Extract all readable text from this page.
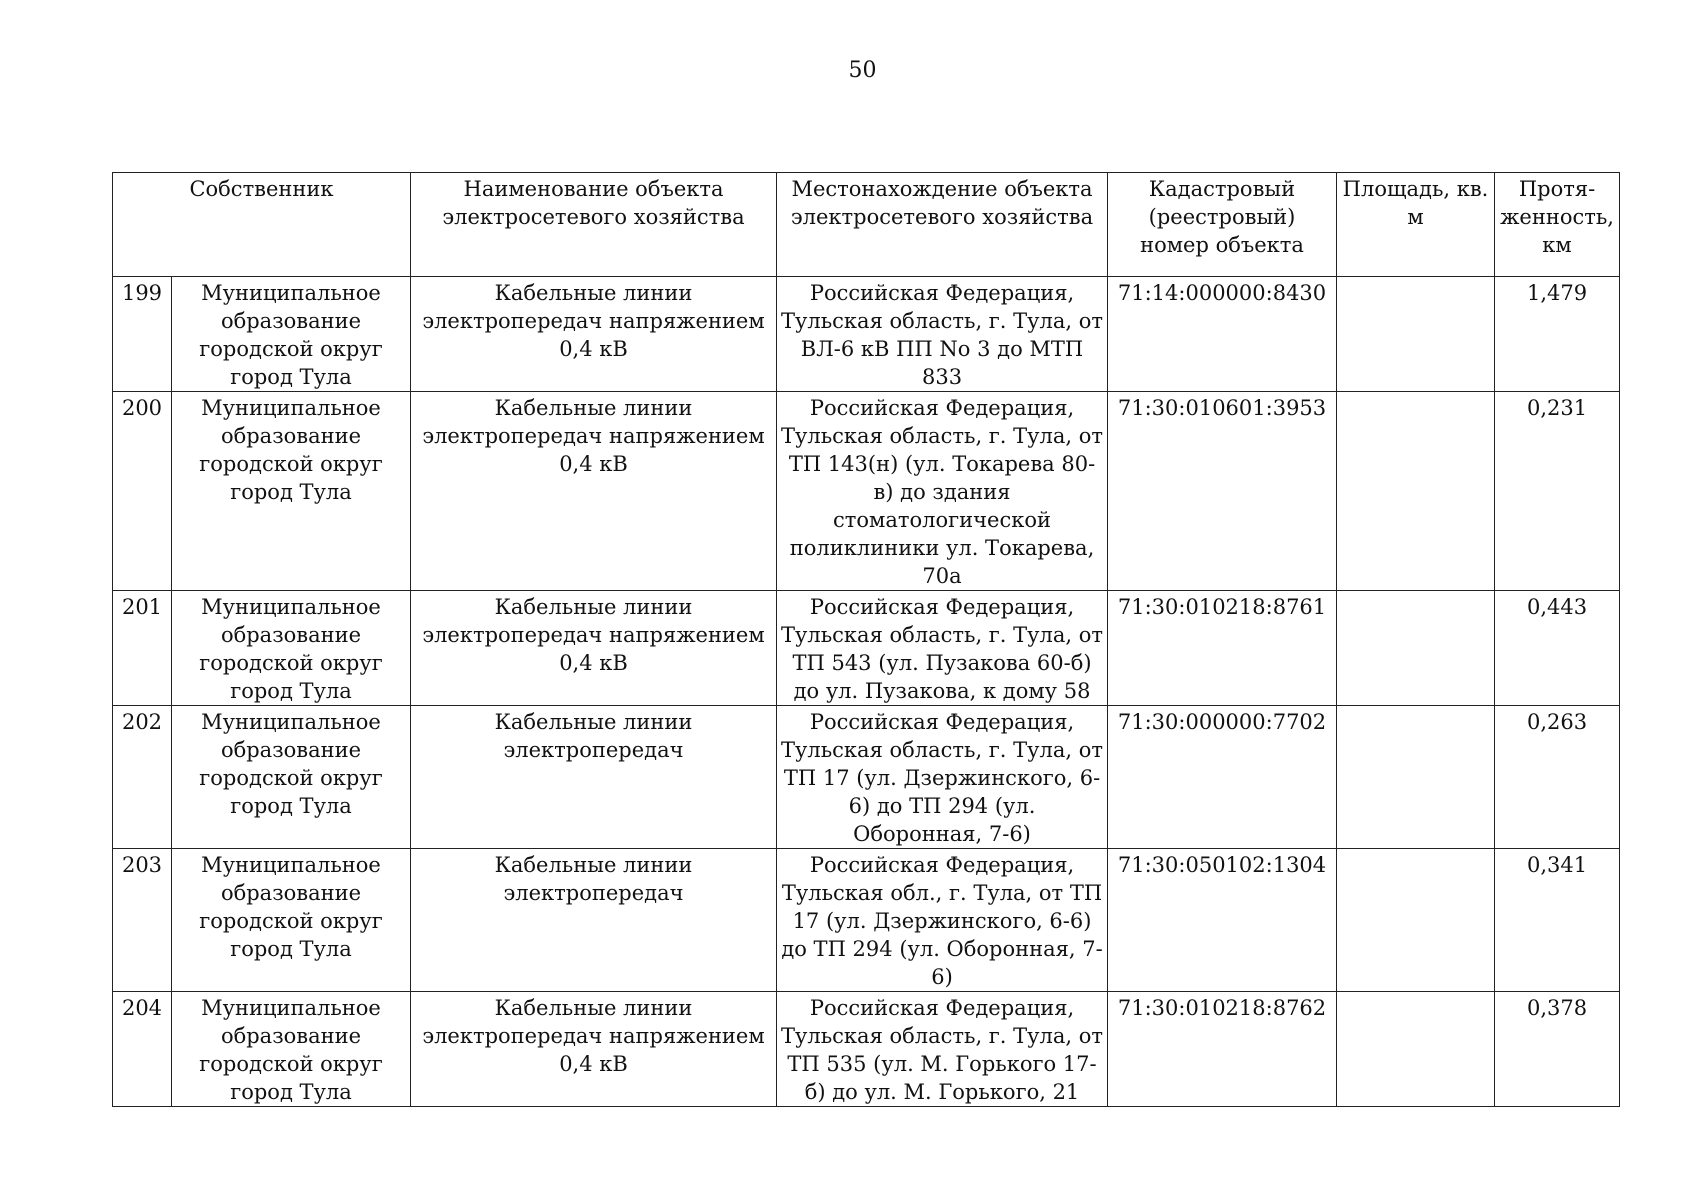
50
Собственник		Наименование объекта электросетевого хозяйства	Местонахождение объекта электросетевого хозяйства	Кадастровый (реестровый) номер объекта	Площадь, кв. м	Протя-женность, км
199	Муниципальное образование городской округ город Тула	Кабельные линии электропередач напряжением 0,4 кВ	Российская Федерация, Тульская область, г. Тула, от ВЛ-6 кВ ПП No 3 до МТП 833	71:14:000000:8430		1,479
200	Муниципальное образование городской округ город Тула	Кабельные линии электропередач напряжением 0,4 кВ	Российская Федерация, Тульская область, г. Тула, от ТП 143(н) (ул. Токарева 80-в) до здания стоматологической поликлиники ул. Токарева, 70а	71:30:010601:3953		0,231
201	Муниципальное образование городской округ город Тула	Кабельные линии электропередач напряжением 0,4 кВ	Российская Федерация, Тульская область, г. Тула, от ТП 543 (ул. Пузакова 60-б) до ул. Пузакова, к дому 58	71:30:010218:8761		0,443
202	Муниципальное образование городской округ город Тула	Кабельные линии электропередач	Российская Федерация, Тульская область, г. Тула, от ТП 17 (ул. Дзержинского, 6-6) до ТП 294 (ул. Оборонная, 7-6)	71:30:000000:7702		0,263
203	Муниципальное образование городской округ город Тула	Кабельные линии электропередач	Российская Федерация, Тульская обл., г. Тула, от ТП 17 (ул. Дзержинского, 6-6) до ТП 294 (ул. Оборонная, 7-6)	71:30:050102:1304		0,341
204	Муниципальное образование городской округ город Тула	Кабельные линии электропередач напряжением 0,4 кВ	Российская Федерация, Тульская область, г. Тула, от ТП 535 (ул. М. Горького 17-б) до ул. М. Горького, 21	71:30:010218:8762		0,378
